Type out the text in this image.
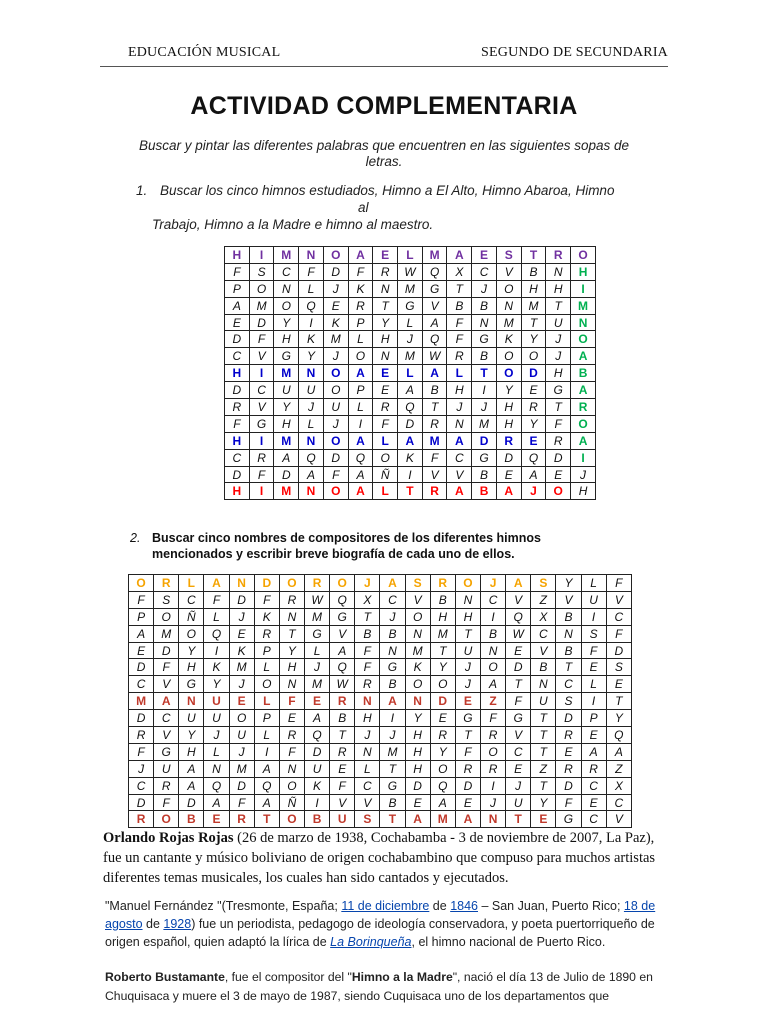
EDUCACIÓN MUSICAL	SEGUNDO DE SECUNDARIA
ACTIVIDAD COMPLEMENTARIA
Buscar y pintar las diferentes palabras que encuentren en las siguientes sopas de letras.
1. Buscar los cinco himnos estudiados, Himno a El Alto, Himno Abaroa, Himno
al
Trabajo, Himno a la Madre e himno al maestro.
H	I	M	N	O	A	E	L	M	A	E	S	T	R	O
F	S	C	F	D	F	R	W	Q	X	C	V	B	N	H
P	O	N	L	J	K	N	M	G	T	J	O	H	H	I
A	M	O	Q	E	R	T	G	V	B	B	N	M	T	M
E	D	Y	I	K	P	Y	L	A	F	N	M	T	U	N
D	F	H	K	M	L	H	J	Q	F	G	K	Y	J	O
C	V	G	Y	J	O	N	M	W	R	B	O	O	J	A
H	I	M	N	O	A	E	L	A	L	T	O	D	H	B
D	C	U	U	O	P	E	A	B	H	I	Y	E	G	A
R	V	Y	J	U	L	R	Q	T	J	J	H	R	T	R
F	G	H	L	J	I	F	D	R	N	M	H	Y	F	O
H	I	M	N	O	A	L	A	M	A	D	R	E	R	A
C	R	A	Q	D	Q	O	K	F	C	G	D	Q	D	I
D	F	D	A	F	A	Ñ	I	V	V	B	E	A	E	J
H	I	M	N	O	A	L	T	R	A	B	A	J	O	H
2. Buscar cinco nombres de compositores de los diferentes himnos mencionados y escribir breve biografía de cada uno de ellos.
O	R	L	A	N	D	O	R	O	J	A	S	R	O	J	A	S	Y	L	F
F	S	C	F	D	F	R	W	Q	X	C	V	B	N	C	V	Z	V	U	V
P	O	Ñ	L	J	K	N	M	G	T	J	O	H	H	I	Q	X	B	I	C
A	M	O	Q	E	R	T	G	V	B	B	N	M	T	B	W	C	N	S	F
E	D	Y	I	K	P	Y	L	A	F	N	M	T	U	N	E	V	B	F	D
D	F	H	K	M	L	H	J	Q	F	G	K	Y	J	O	D	B	T	E	S
C	V	G	Y	J	O	N	M	W	R	B	O	O	J	A	T	N	C	L	E
M	A	N	U	E	L	F	E	R	N	A	N	D	E	Z	F	U	S	I	T
D	C	U	U	O	P	E	A	B	H	I	Y	E	G	F	G	T	D	P	Y
R	V	Y	J	U	L	R	Q	T	J	J	H	R	T	R	V	T	R	E	Q
F	G	H	L	J	I	F	D	R	N	M	H	Y	F	O	C	T	E	A	A
J	U	A	N	M	A	N	U	E	L	T	H	O	R	R	E	Z	R	R	Z
C	R	A	Q	D	Q	O	K	F	C	G	D	Q	D	I	J	T	D	C	X
D	F	D	A	F	A	Ñ	I	V	V	B	E	A	E	J	U	Y	F	E	C
R	O	B	E	R	T	O	B	U	S	T	A	M	A	N	T	E	G	C	V
Orlando Rojas Rojas (26 de marzo de 1938, Cochabamba - 3 de noviembre de 2007, La Paz), fue un cantante y músico boliviano de origen cochabambino que compuso para muchos artistas diferentes temas musicales, los cuales han sido cantados y ejecutados.
"Manuel Fernández "(Tresmonte, España; 11 de diciembre de 1846 – San Juan, Puerto Rico; 18 de agosto de 1928) fue un periodista, pedagogo de ideología conservadora, y poeta puertorriqueño de origen español, quien adaptó la lírica de La Borinqueña, el himno nacional de Puerto Rico.
Roberto Bustamante, fue el compositor del "Himno a la Madre", nació el día 13 de Julio de 1890 en Chuquisaca y muere el 3 de mayo de 1987, siendo Cuquisaca uno de los departamentos que
